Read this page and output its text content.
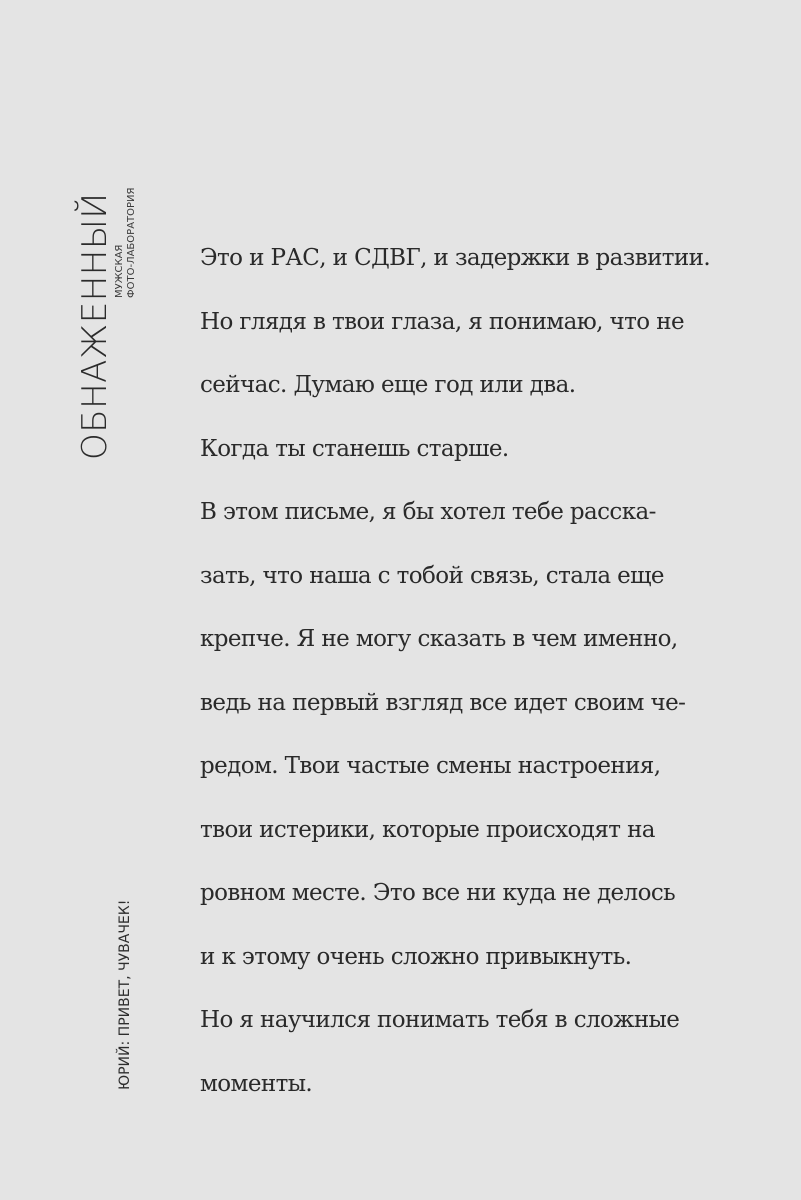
ОБНАЖЕННЫЙ МУЖСКАЯ ФОТО-ЛАБОРАТОРИЯ
ЮРИЙ: ПРИВЕТ, ЧУВАЧЕК!
Это и РАС, и СДВГ, и задержки в развитии.
Но глядя в твои глаза, я понимаю, что не
сейчас. Думаю еще год или два.
Когда ты станешь старше.
В этом письме, я бы хотел тебе расска-
зать, что наша с тобой связь, стала еще
крепче. Я не могу сказать в чем именно,
ведь на первый взгляд все идет своим че-
редом. Твои частые смены настроения,
твои истерики, которые происходят на
ровном месте. Это все ни куда не делось
и к этому очень сложно привыкнуть.
Но я научился понимать тебя в сложные
моменты.
